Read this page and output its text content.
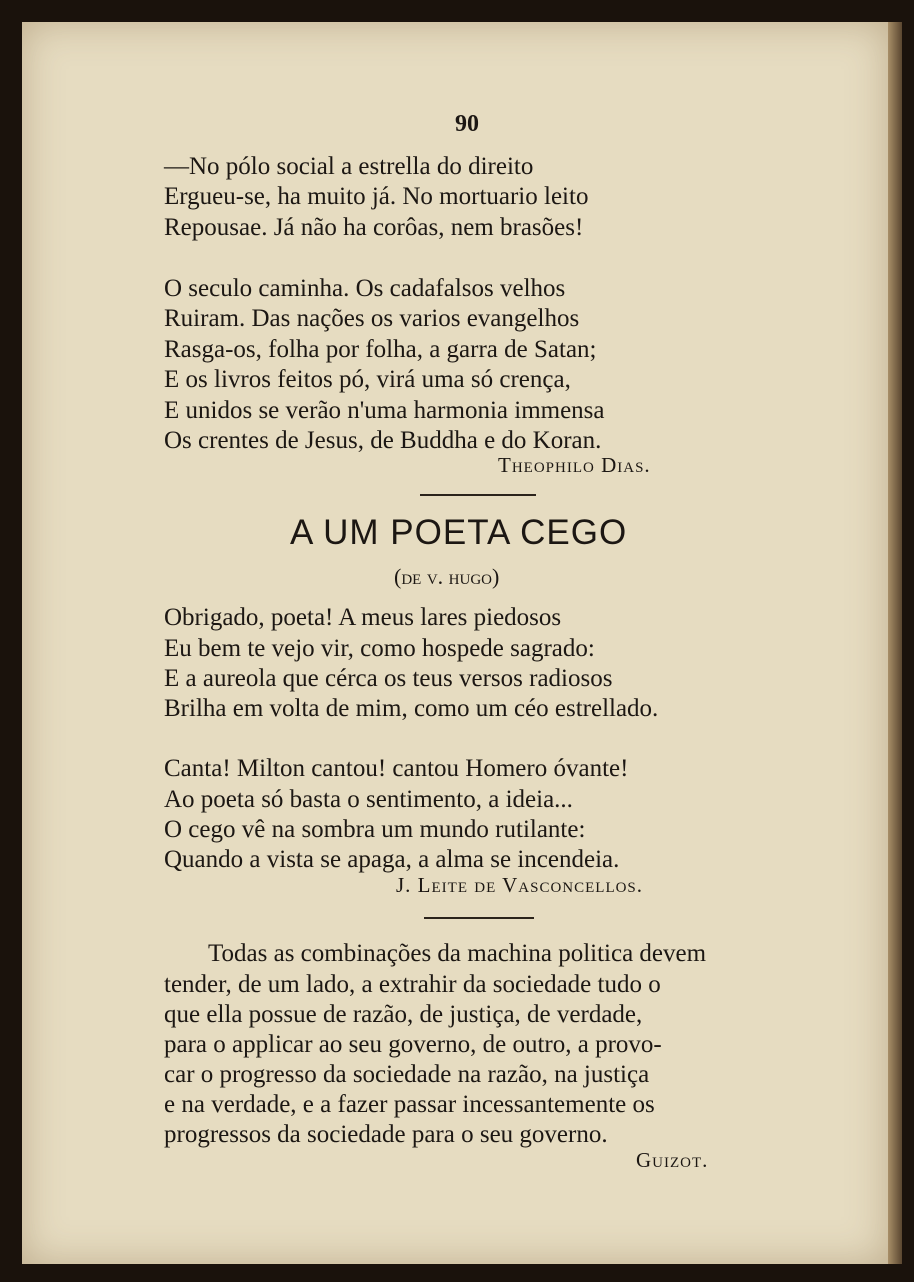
90
—No pólo social a estrella do direito
Ergueu-se, ha muito já. No mortuario leito
Repousae. Já não ha corôas, nem brasões!
O seculo caminha. Os cadafalsos velhos
Ruiram. Das nações os varios evangelhos
Rasga-os, folha por folha, a garra de Satan;
E os livros feitos pó, virá uma só crença,
E unidos se verão n'uma harmonia immensa
Os crentes de Jesus, de Buddha e do Koran.
Theophilo Dias.
A UM POETA CEGO
(de v. hugo)
Obrigado, poeta! A meus lares piedosos
Eu bem te vejo vir, como hospede sagrado:
E a aureola que cérca os teus versos radiosos
Brilha em volta de mim, como um céo estrellado.
Canta! Milton cantou! cantou Homero óvante!
Ao poeta só basta o sentimento, a ideia...
O cego vê na sombra um mundo rutilante:
Quando a vista se apaga, a alma se incendeia.
J. Leite de Vasconcellos.
Todas as combinações da machina politica devem
tender, de um lado, a extrahir da sociedade tudo o
que ella possue de razão, de justiça, de verdade,
para o applicar ao seu governo, de outro, a provo-
car o progresso da sociedade na razão, na justiça
e na verdade, e a fazer passar incessantemente os
progressos da sociedade para o seu governo.
Guizot.
